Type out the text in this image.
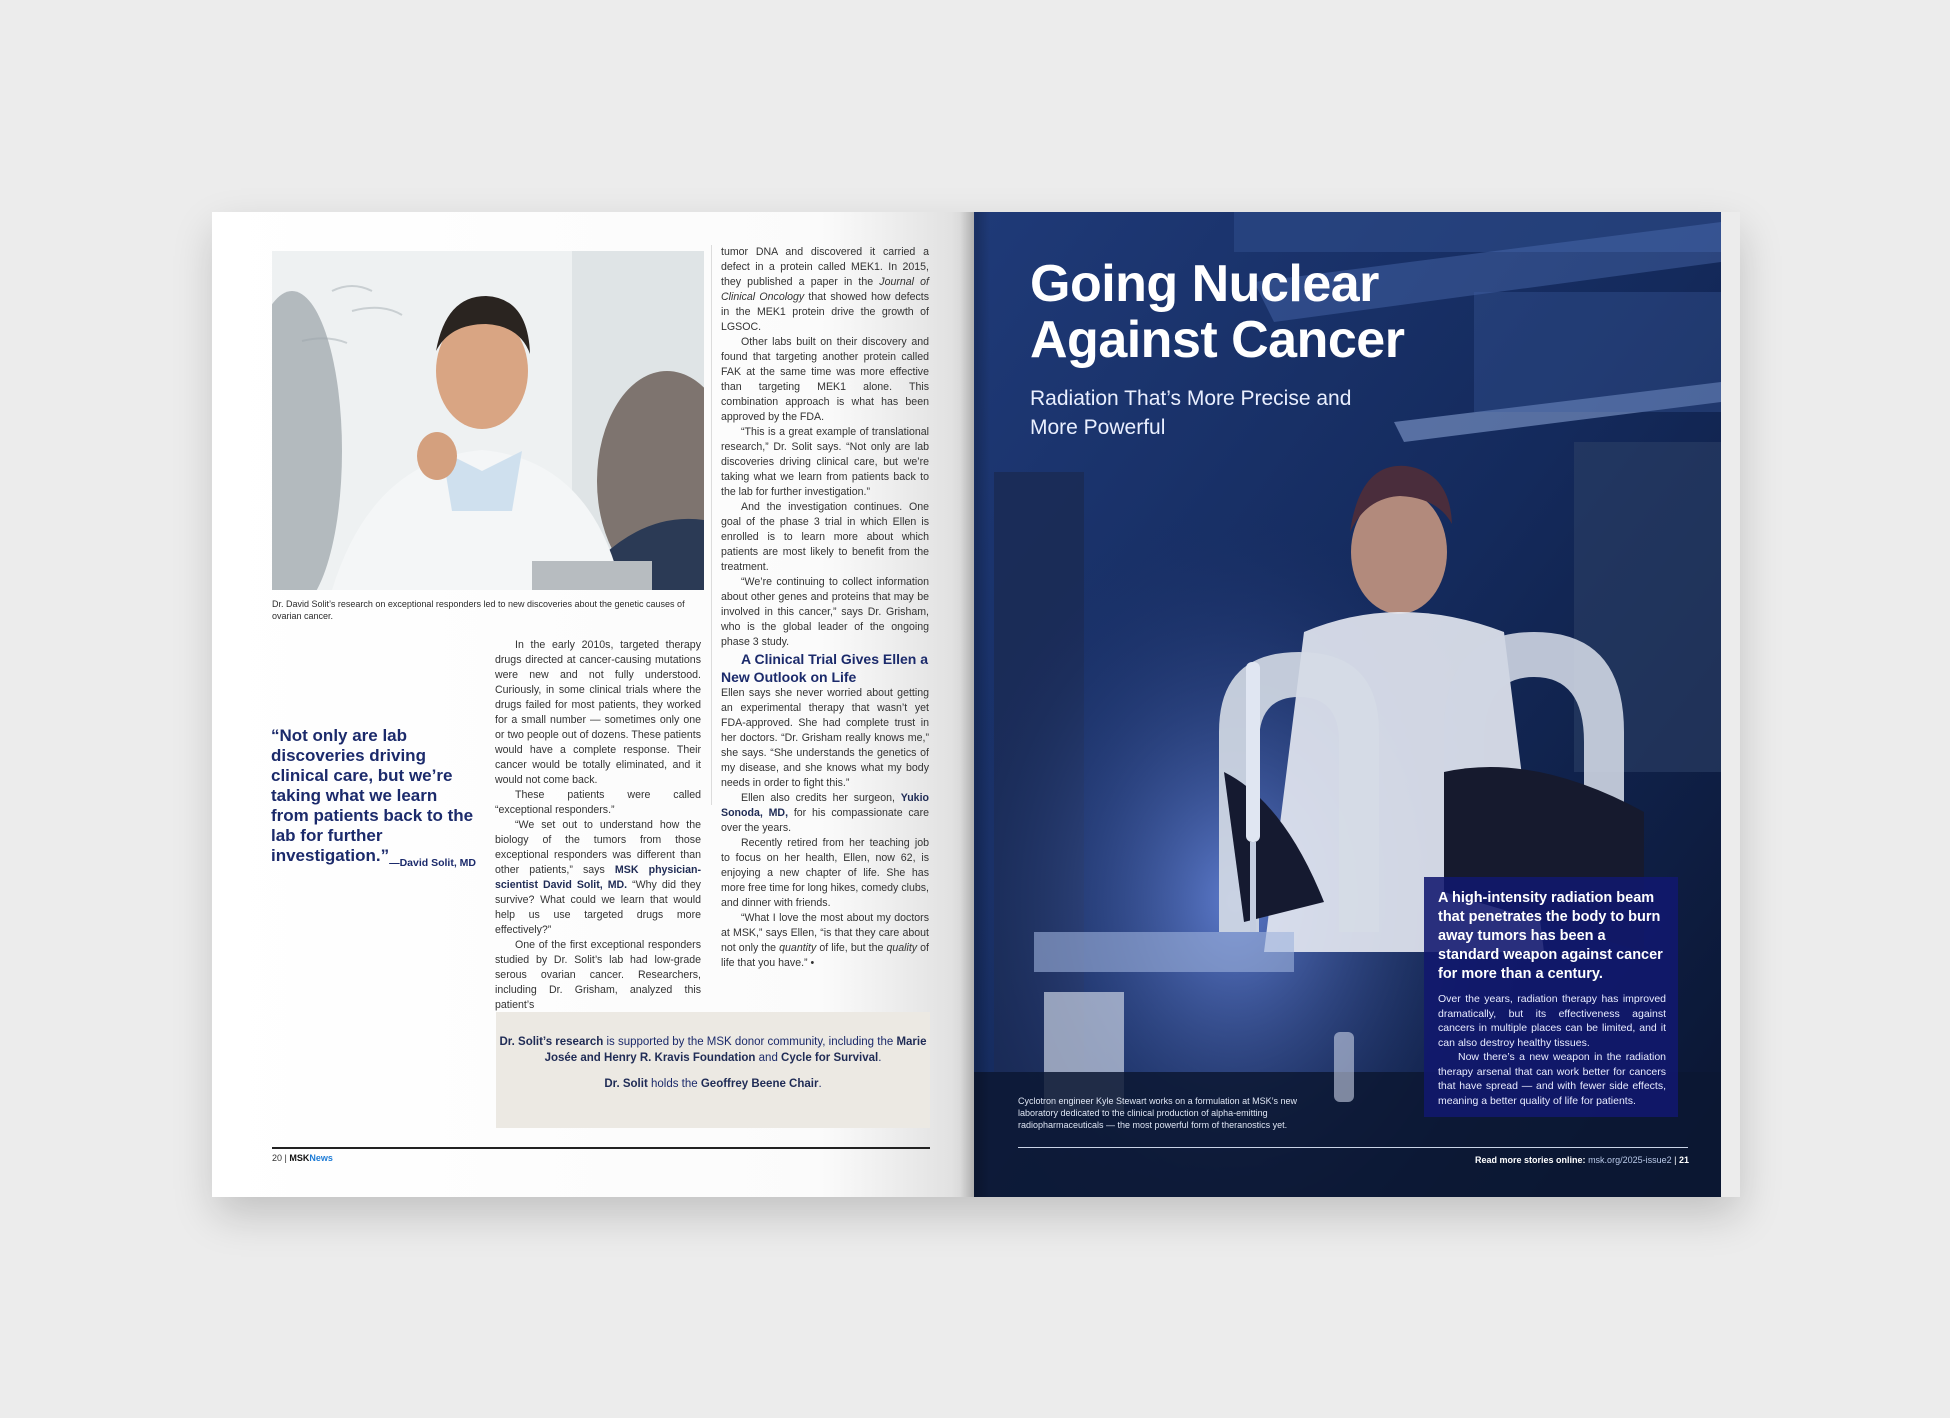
Dr. David Solit’s research on exceptional responders led to new discoveries about the genetic causes of ovarian cancer.
“Not only are lab discoveries driving clinical care, but we’re taking what we learn from patients back to the lab for further investigation.” —David Solit, MD

In the early 2010s, targeted therapy drugs directed at cancer-causing mutations were new and not fully understood. Curiously, in some clinical trials where the drugs failed for most patients, they worked for a small number — sometimes only one or two people out of dozens. These patients would have a complete response. Their cancer would be totally eliminated, and it would not come back.

These patients were called “exceptional responders.”

“We set out to understand how the biology of the tumors from those exceptional responders was different than other patients,” says MSK physician-scientist David Solit, MD. “Why did they survive? What could we learn that would help us use targeted drugs more effectively?”

One of the first exceptional responders studied by Dr. Solit’s lab had low-grade serous ovarian cancer. Researchers, including Dr. Grisham, analyzed this patient’s

tumor DNA and discovered it carried a defect in a protein called MEK1. In 2015, they published a paper in the Journal of Clinical Oncology that showed how defects in the MEK1 protein drive the growth of LGSOC.

Other labs built on their discovery and found that targeting another protein called FAK at the same time was more effective than targeting MEK1 alone. This combination approach is what has been approved by the FDA.

“This is a great example of translational research,” Dr. Solit says. “Not only are lab discoveries driving clinical care, but we’re taking what we learn from patients back to the lab for further investigation.”

And the investigation continues. One goal of the phase 3 trial in which Ellen is enrolled is to learn more about which patients are most likely to benefit from the treatment.

“We’re continuing to collect information about other genes and proteins that may be involved in this cancer,” says Dr. Grisham, who is the global leader of the ongoing phase 3 study.

A Clinical Trial Gives Ellen a New Outlook on Life

Ellen says she never worried about getting an experimental therapy that wasn’t yet FDA-approved. She had complete trust in her doctors. “Dr. Grisham really knows me,” she says. “She understands the genetics of my disease, and she knows what my body needs in order to fight this.”

Ellen also credits her surgeon, Yukio Sonoda, MD, for his compassionate care over the years.

Recently retired from her teaching job to focus on her health, Ellen, now 62, is enjoying a new chapter of life. She has more free time for long hikes, comedy clubs, and dinner with friends.

“What I love the most about my doctors at MSK,” says Ellen, “is that they care about not only the quantity of life, but the quality of life that you have.” •

Dr. Solit’s research is supported by the MSK donor community, including the Marie Josée and Henry R. Kravis Foundation and Cycle for Survival.
Dr. Solit holds the Geoffrey Beene Chair.
20 | MSKNews
Going Nuclear Against Cancer
Radiation That’s More Precise and More Powerful
A high-intensity radiation beam that penetrates the body to burn away tumors has been a standard weapon against cancer for more than a century.

Over the years, radiation therapy has improved dramatically, but its effectiveness against cancers in multiple places can be limited, and it can also destroy healthy tissues.

Now there’s a new weapon in the radiation therapy arsenal that can work better for cancers that have spread — and with fewer side effects, meaning a better quality of life for patients.

Cyclotron engineer Kyle Stewart works on a formulation at MSK’s new laboratory dedicated to the clinical production of alpha-emitting radiopharmaceuticals — the most powerful form of theranostics yet.
Read more stories online: msk.org/2025-issue2 | 21
